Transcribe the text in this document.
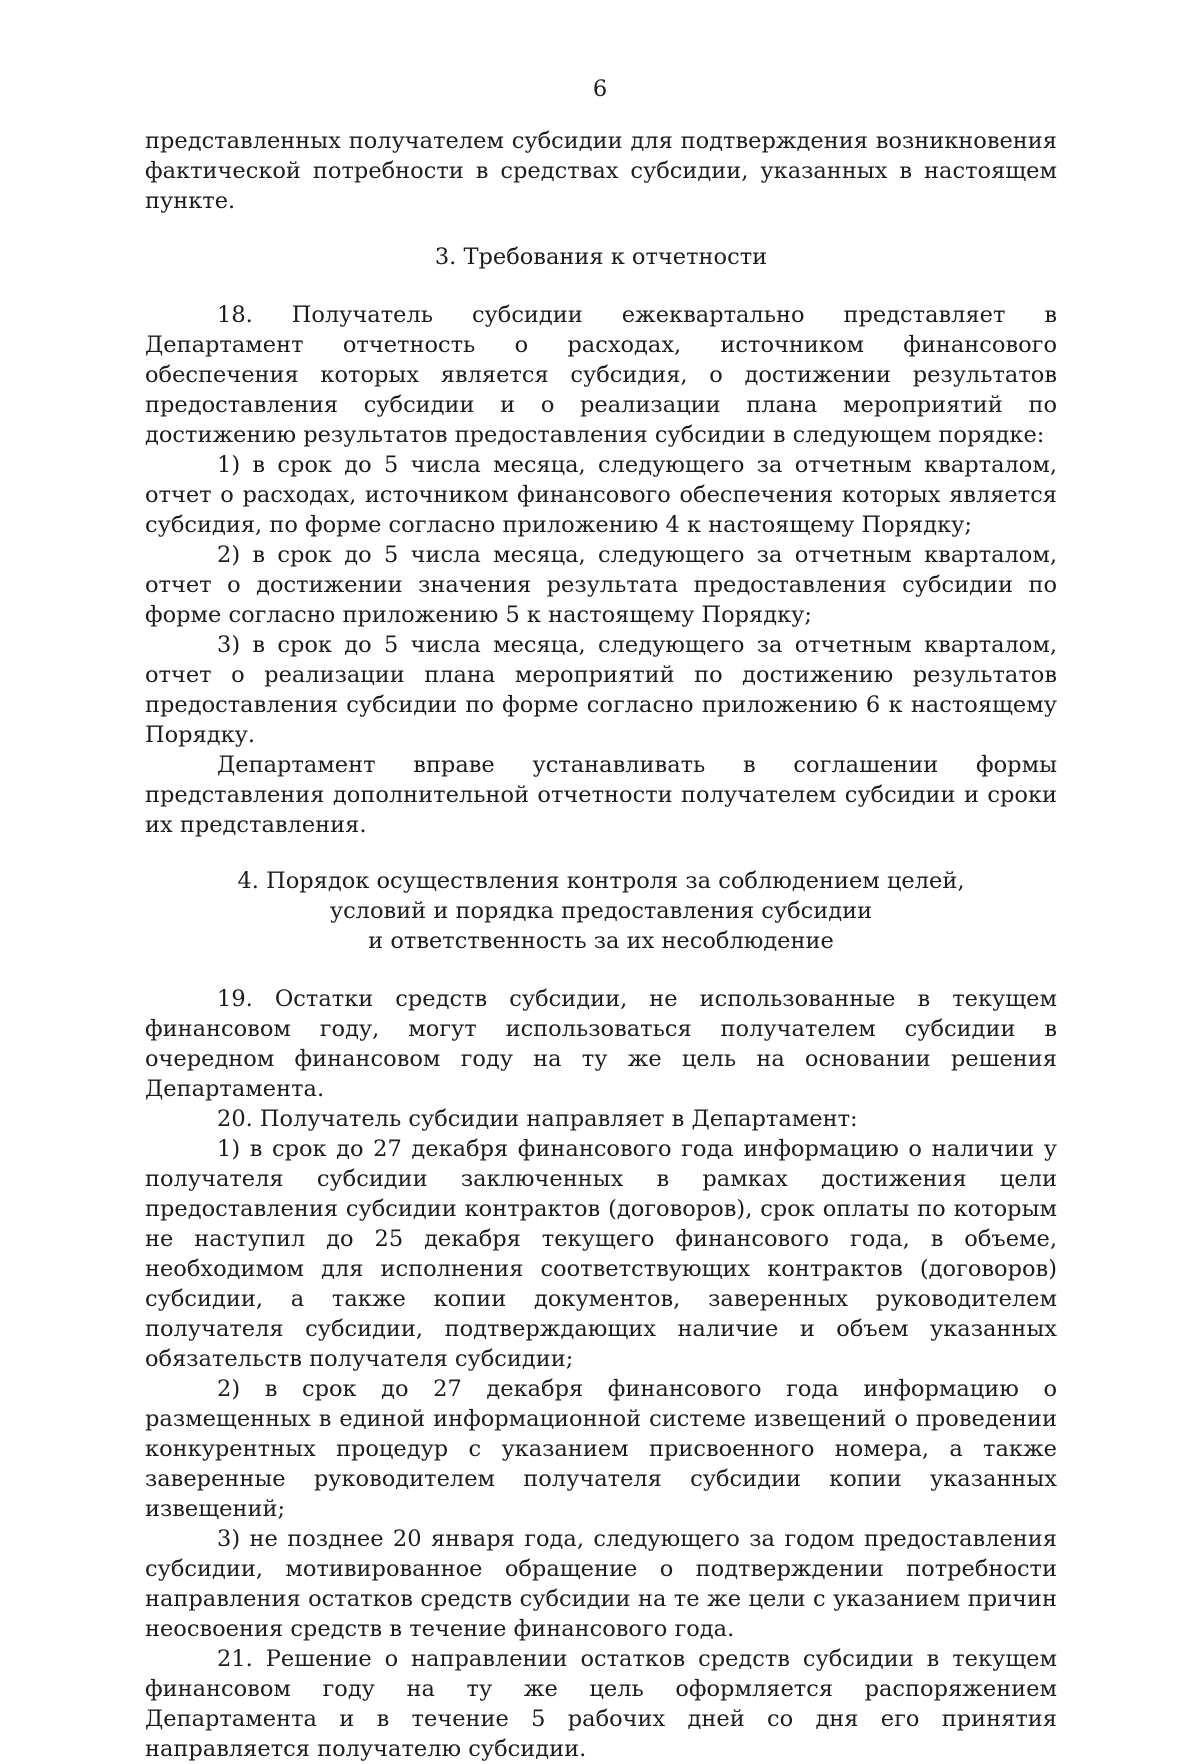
6

представленных получателем субсидии для подтверждения возникновения фактической потребности в средствах субсидии, указанных в настоящем пункте.

3. Требования к отчетности

18. Получатель субсидии ежеквартально представляет в Департамент отчетность о расходах, источником финансового обеспечения которых является субсидия, о достижении результатов предоставления субсидии и о реализации плана мероприятий по достижению результатов предоставления субсидии в следующем порядке:

1) в срок до 5 числа месяца, следующего за отчетным кварталом, отчет о расходах, источником финансового обеспечения которых является субсидия, по форме согласно приложению 4 к настоящему Порядку;

2) в срок до 5 числа месяца, следующего за отчетным кварталом, отчет о достижении значения результата предоставления субсидии по форме согласно приложению 5 к настоящему Порядку;

3) в срок до 5 числа месяца, следующего за отчетным кварталом, отчет о реализации плана мероприятий по достижению результатов предоставления субсидии по форме согласно приложению 6 к настоящему Порядку.

Департамент вправе устанавливать в соглашении формы представления дополнительной отчетности получателем субсидии и сроки их представления.

4. Порядок осуществления контроля за соблюдением целей,
условий и порядка предоставления субсидии
и ответственность за их несоблюдение

19. Остатки средств субсидии, не использованные в текущем финансовом году, могут использоваться получателем субсидии в очередном финансовом году на ту же цель на основании решения Департамента.

20. Получатель субсидии направляет в Департамент:

1) в срок до 27 декабря финансового года информацию о наличии у получателя субсидии заключенных в рамках достижения цели предоставления субсидии контрактов (договоров), срок оплаты по которым не наступил до 25 декабря текущего финансового года, в объеме, необходимом для исполнения соответствующих контрактов (договоров) субсидии, а также копии документов, заверенных руководителем получателя субсидии, подтверждающих наличие и объем указанных обязательств получателя субсидии;

2) в срок до 27 декабря финансового года информацию о размещенных в единой информационной системе извещений о проведении конкурентных процедур с указанием присвоенного номера, а также заверенные руководителем получателя субсидии копии указанных извещений;

3) не позднее 20 января года, следующего за годом предоставления субсидии, мотивированное обращение о подтверждении потребности направления остатков средств субсидии на те же цели с указанием причин неосвоения средств в течение финансового года.

21. Решение о направлении остатков средств субсидии в текущем финансовом году на ту же цель оформляется распоряжением Департамента и в течение 5 рабочих дней со дня его принятия направляется получателю субсидии.
